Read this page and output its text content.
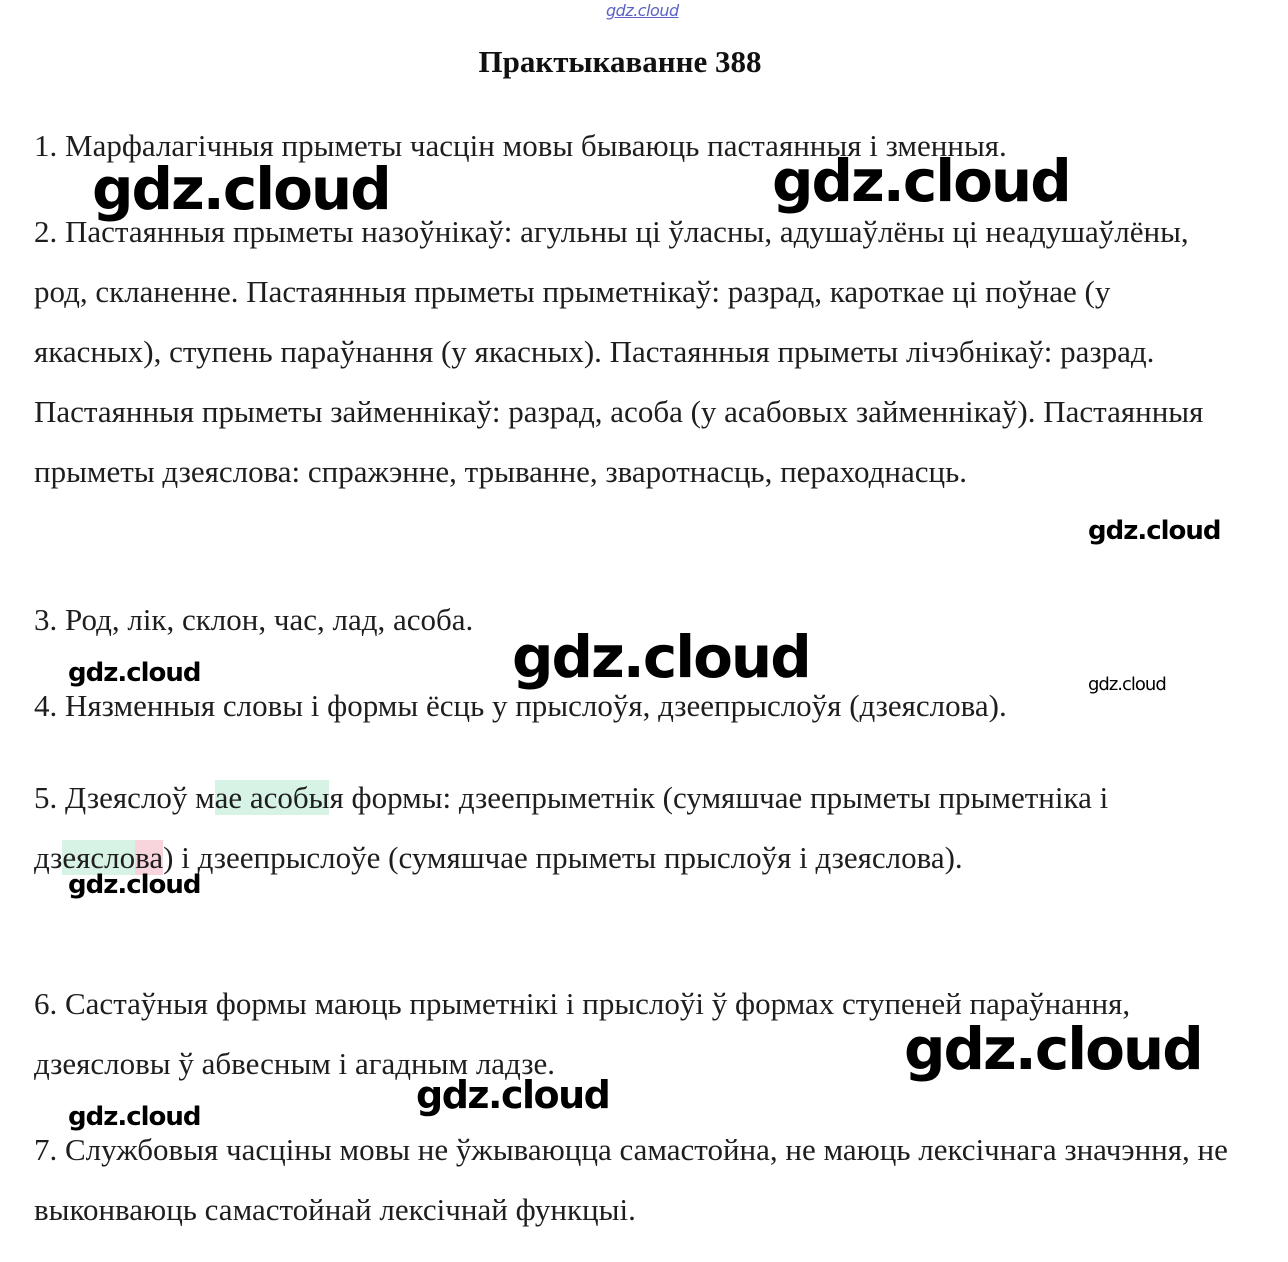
gdz.cloud
Практыкаванне 388

1. Марфалагічныя прыметы часцін мовы бываюць пастаянныя і зменныя.

2. Пастаянныя прыметы назоўнікаў: агульны ці ўласны, адушаўлёны ці неадушаўлёны, род, скланенне. Пастаянныя прыметы прыметнікаў: разрад, кароткае ці поўнае (у якасных), ступень параўнання (у якасных). Пастаянныя прыметы лічэбнікаў: разрад. Пастаянныя прыметы займеннікаў: разрад, асоба (у асабовых займеннікаў). Пастаянныя прыметы дзеяслова: спражэнне, трыванне, зваротнасць, пераходнасць.

3. Род, лік, склон, час, лад, асоба.

4. Нязменныя словы і формы ёсць у прыслоўя, дзеепрыслоўя (дзеяслова).

5. Дзеяслоў мае асобыя формы: дзеепрыметнік (сумяшчае прыметы прыметніка і дзеяслова) і дзеепрыслоўе (сумяшчае прыметы прыслоўя і дзеяслова).

6. Састаўныя формы маюць прыметнікі і прыслоўі ў формах ступеней параўнання, дзеясловы ў абвесным і агадным ладзе.

7. Службовыя часціны мовы не ўжываюцца самастойна, не маюць лексічнага значэння, не выконваюць самастойнай лексічнай функцыі.

gdz.cloud	gdz.cloud
gdz.cloud
gdz.cloud	gdz.cloud	gdz.cloud
gdz.cloud
gdz.cloud
gdz.cloud
gdz.cloud
